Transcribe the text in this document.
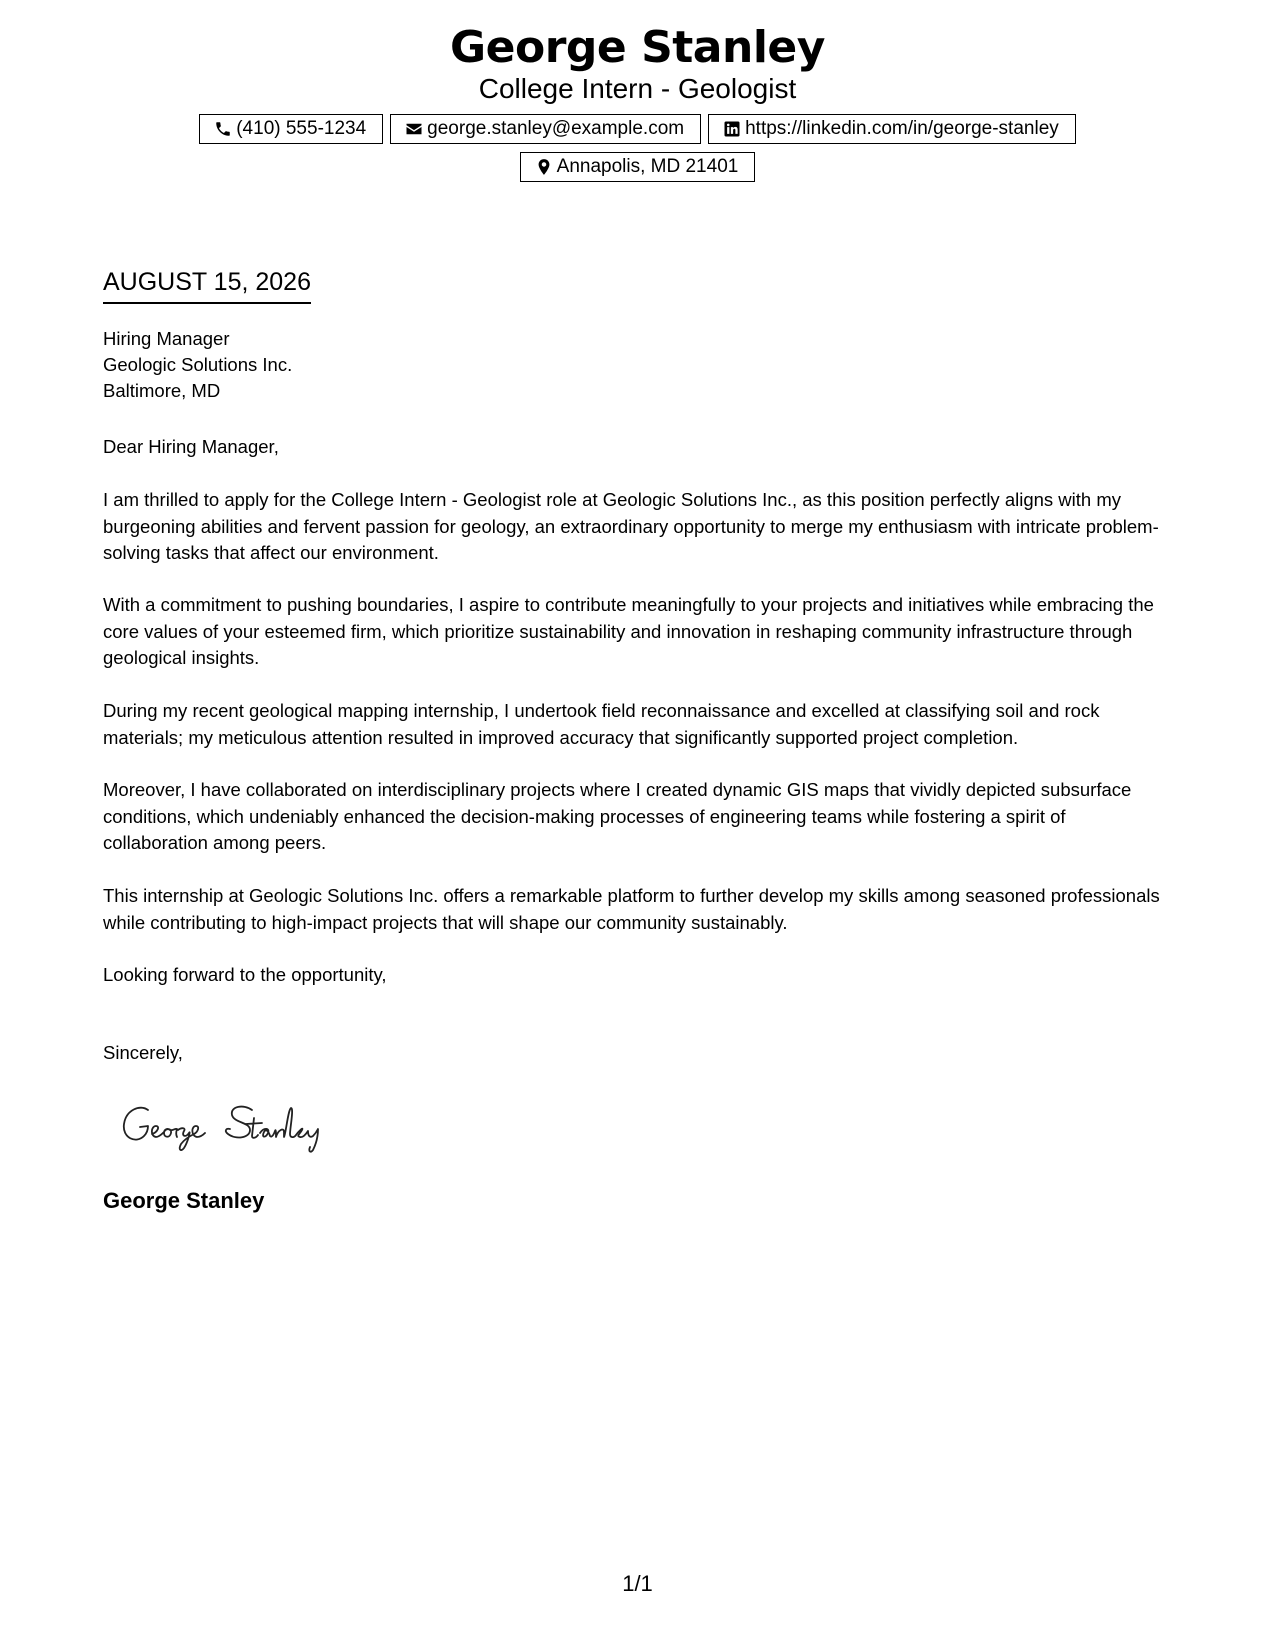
George Stanley
College Intern - Geologist
(410) 555-1234	george.stanley@example.com	https://linkedin.com/in/george-stanley
Annapolis, MD 21401
AUGUST 15, 2026
Hiring Manager
Geologic Solutions Inc.
Baltimore, MD
Dear Hiring Manager,
I am thrilled to apply for the College Intern - Geologist role at Geologic Solutions Inc., as this position perfectly aligns with my burgeoning abilities and fervent passion for geology, an extraordinary opportunity to merge my enthusiasm with intricate problem-solving tasks that affect our environment.
With a commitment to pushing boundaries, I aspire to contribute meaningfully to your projects and initiatives while embracing the core values of your esteemed firm, which prioritize sustainability and innovation in reshaping community infrastructure through geological insights.
During my recent geological mapping internship, I undertook field reconnaissance and excelled at classifying soil and rock materials; my meticulous attention resulted in improved accuracy that significantly supported project completion.
Moreover, I have collaborated on interdisciplinary projects where I created dynamic GIS maps that vividly depicted subsurface conditions, which undeniably enhanced the decision-making processes of engineering teams while fostering a spirit of collaboration among peers.
This internship at Geologic Solutions Inc. offers a remarkable platform to further develop my skills among seasoned professionals while contributing to high-impact projects that will shape our community sustainably.
Looking forward to the opportunity,
Sincerely,
George Stanley
1/1
